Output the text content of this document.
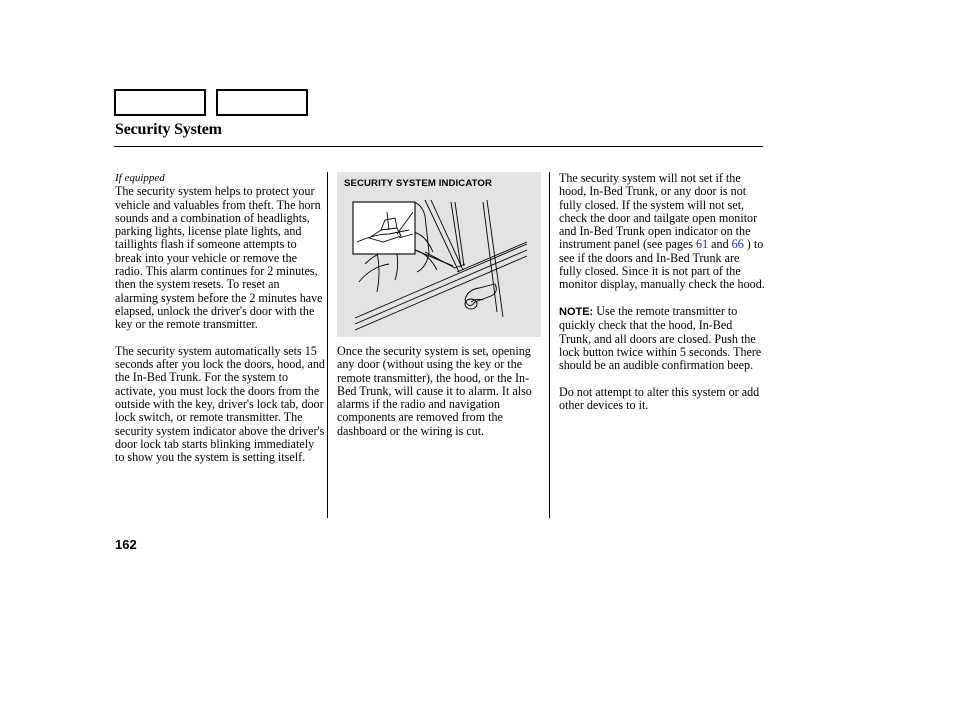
Security System
If equipped

The security system helps to protect your vehicle and valuables from theft. The horn sounds and a combination of headlights, parking lights, license plate lights, and taillights flash if someone attempts to break into your vehicle or remove the radio. This alarm continues for 2 minutes, then the system resets. To reset an alarming system before the 2 minutes have elapsed, unlock the driver's door with the key or the remote transmitter.

The security system automatically sets 15 seconds after you lock the doors, hood, and the In-Bed Trunk. For the system to activate, you must lock the doors from the outside with the key, driver's lock tab, door lock switch, or remote transmitter. The security system indicator above the driver's door lock tab starts blinking immediately to show you the system is setting itself.

SECURITY SYSTEM INDICATOR

Once the security system is set, opening any door (without using the key or the remote transmitter), the hood, or the In-Bed Trunk, will cause it to alarm. It also alarms if the radio and navigation components are removed from the dashboard or the wiring is cut.

The security system will not set if the hood, In-Bed Trunk, or any door is not fully closed. If the system will not set, check the door and tailgate open monitor and In-Bed Trunk open indicator on the instrument panel (see pages 61 and 66 ) to see if the doors and In-Bed Trunk are fully closed. Since it is not part of the monitor display, manually check the hood.

NOTE: Use the remote transmitter to quickly check that the hood, In-Bed Trunk, and all doors are closed. Push the lock button twice within 5 seconds. There should be an audible confirmation beep.

Do not attempt to alter this system or add other devices to it.

162
